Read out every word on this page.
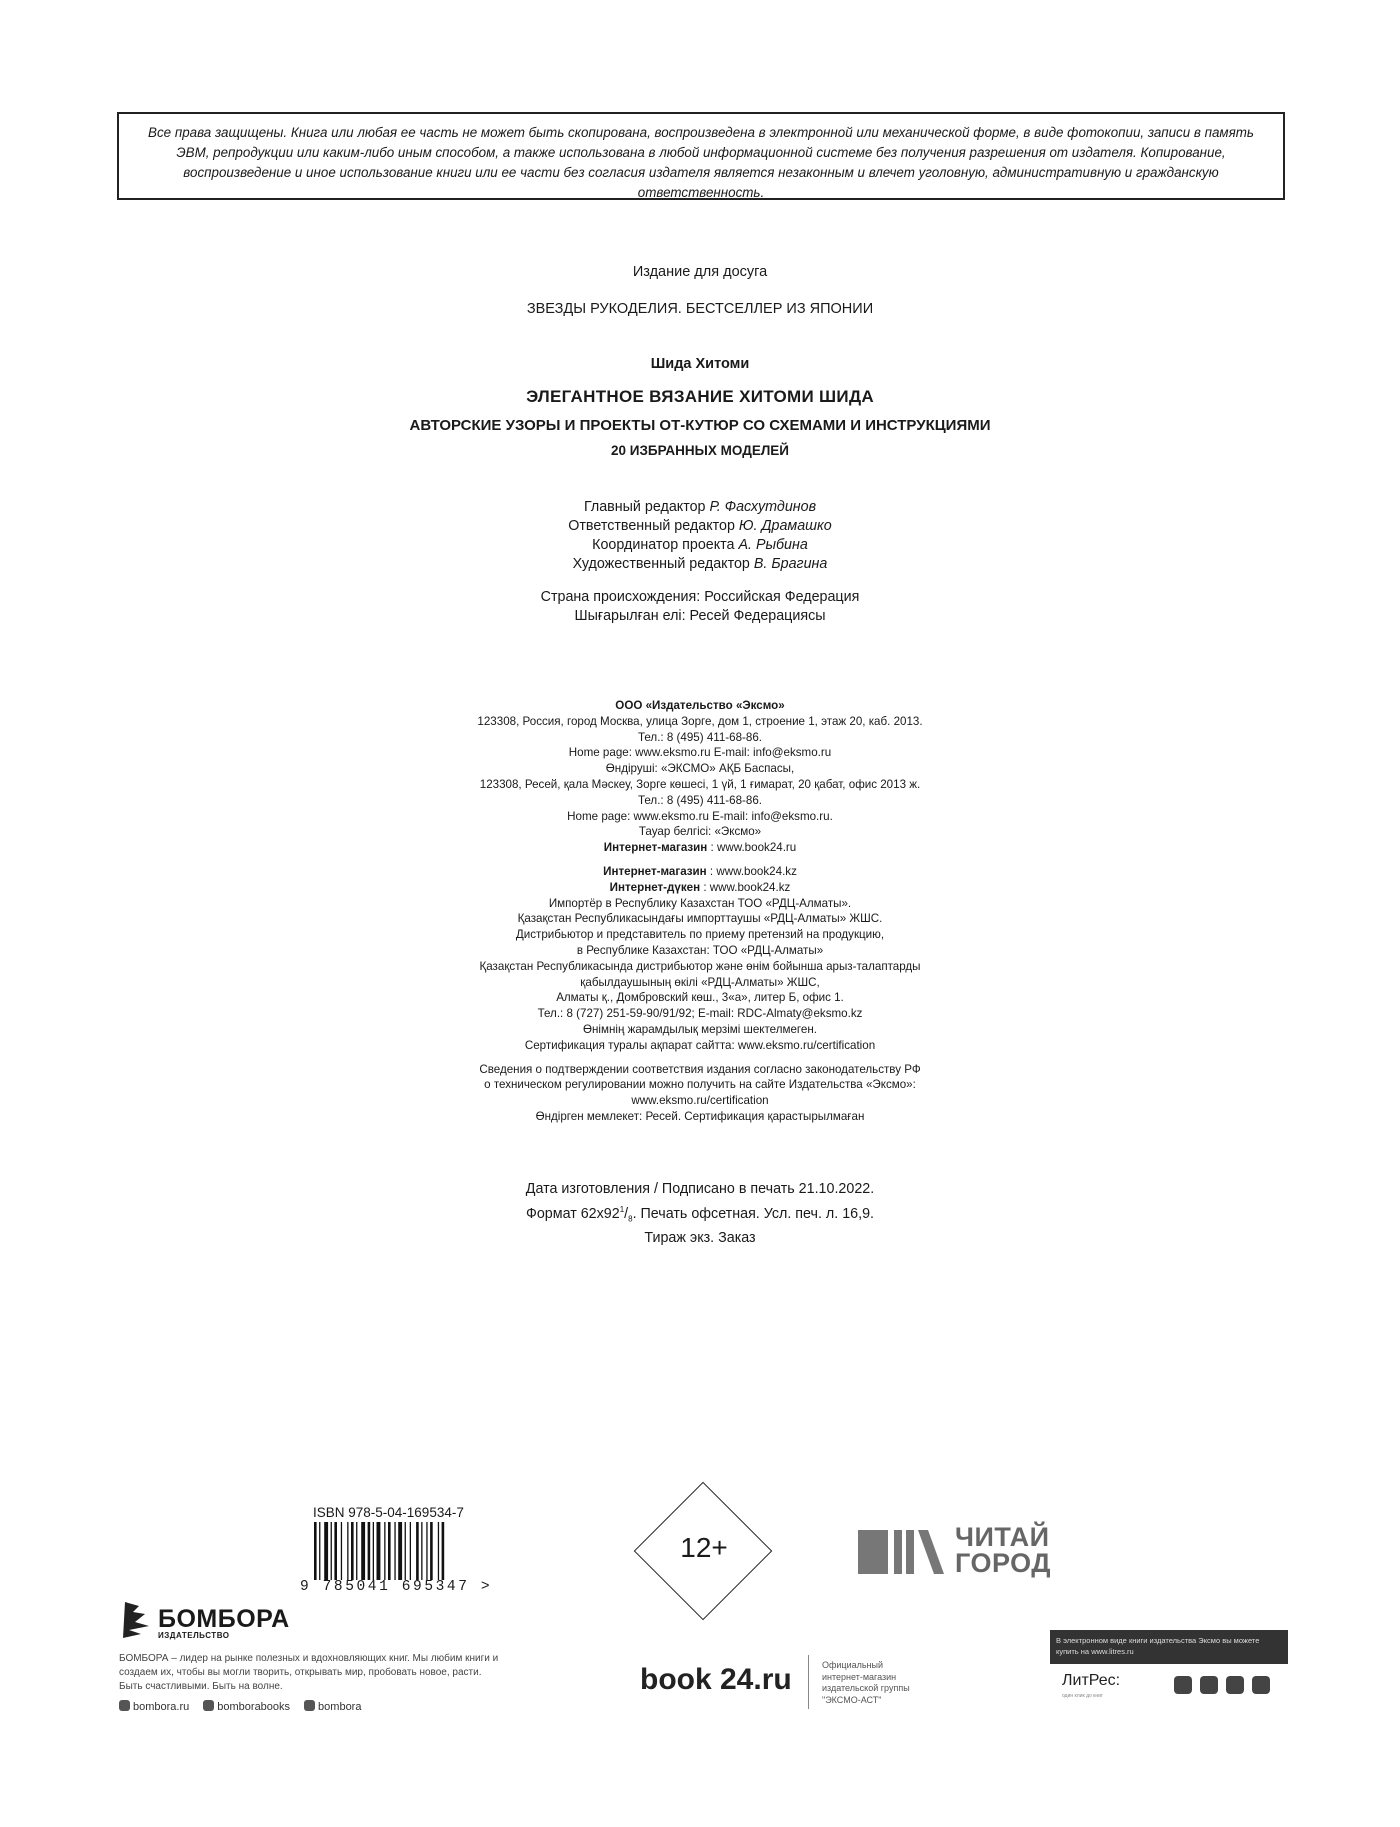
Все права защищены. Книга или любая ее часть не может быть скопирована, воспроизведена в электронной или механической форме, в виде фотокопии, записи в память ЭВМ, репродукции или каким-либо иным способом, а также использована в любой информационной системе без получения разрешения от издателя. Копирование, воспроизведение и иное использование книги или ее части без согласия издателя является незаконным и влечет уголовную, административную и гражданскую ответственность.
Издание для досуга
ЗВЕЗДЫ РУКОДЕЛИЯ. БЕСТСЕЛЛЕР ИЗ ЯПОНИИ
Шида Хитоми
ЭЛЕГАНТНОЕ ВЯЗАНИЕ ХИТОМИ ШИДА
АВТОРСКИЕ УЗОРЫ И ПРОЕКТЫ ОТ-КУТЮР СО СХЕМАМИ И ИНСТРУКЦИЯМИ
20 ИЗБРАННЫХ МОДЕЛЕЙ
Главный редактор Р. Фасхутдинов
Ответственный редактор Ю. Драмашко
Координатор проекта А. Рыбина
Художественный редактор В. Брагина
Страна происхождения: Российская Федерация
Шығарылған елі: Ресей Федерациясы
ООО «Издательство «Эксмо»
123308, Россия, город Москва, улица Зорге, дом 1, строение 1, этаж 20, каб. 2013.
Тел.: 8 (495) 411-68-86.
Home page: www.eksmo.ru E-mail: info@eksmo.ru
Өндіруші: «ЭКСМО» АҚБ Баспасы,
123308, Ресей, қала Мәскеу, Зорге көшесі, 1 үй, 1 ғимарат, 20 қабат, офис 2013 ж.
Тел.: 8 (495) 411-68-86.
Home page: www.eksmo.ru E-mail: info@eksmo.ru.
Тауар белгісі: «Эксмо»
Интернет-магазин : www.book24.ru
Интернет-магазин : www.book24.kz
Интернет-дүкен : www.book24.kz
Импортёр в Республику Казахстан ТОО «РДЦ-Алматы».
Қазақстан Республикасындағы импорттаушы «РДЦ-Алматы» ЖШС.
Дистрибьютор и представитель по приему претензий на продукцию,
в Республике Казахстан: ТОО «РДЦ-Алматы»
Қазақстан Республикасында дистрибьютор және өнім бойынша арыз-талаптарды
қабылдаушының өкілі «РДЦ-Алматы» ЖШС,
Алматы қ., Домбровский көш., 3«а», литер Б, офис 1.
Тел.: 8 (727) 251-59-90/91/92; E-mail: RDC-Almaty@eksmo.kz
Өнімнің жарамдылық мерзімі шектелмеген.
Сертификация туралы ақпарат сайтта: www.eksmo.ru/certification
Сведения о подтверждении соответствия издания согласно законодательству РФ
о техническом регулировании можно получить на сайте Издательства «Эксмо»:
www.eksmo.ru/certification
Өндірген мемлекет: Ресей. Сертификация қарастырылмаған
Дата изготовления / Подписано в печать 21.10.2022.
Формат $62x92^1/_8$. Печать офсетная. Усл. печ. л. 16,9.
Тираж экз. Заказ
ISBN 978-5-04-169534-7
9 785041 695347 >
12+	ЧИТАЙ
ГОРОД
БОМБОРА
ИЗДАТЕЛЬСТВО
БОМБОРА – лидер на рынке полезных и вдохновляющих книг. Мы любим книги и создаем их, чтобы вы могли творить, открывать мир, пробовать новое, расти. Быть счастливыми. Быть на волне.
bombora.ru	bomborabooks	bombora
book 24.ru	Официальный
интернет-магазин
издательской группы
"ЭКСМО-АСТ"
В электронном виде книги издательства Эксмо вы можете купить на www.litres.ru
ЛитРес:
один клик до книг
